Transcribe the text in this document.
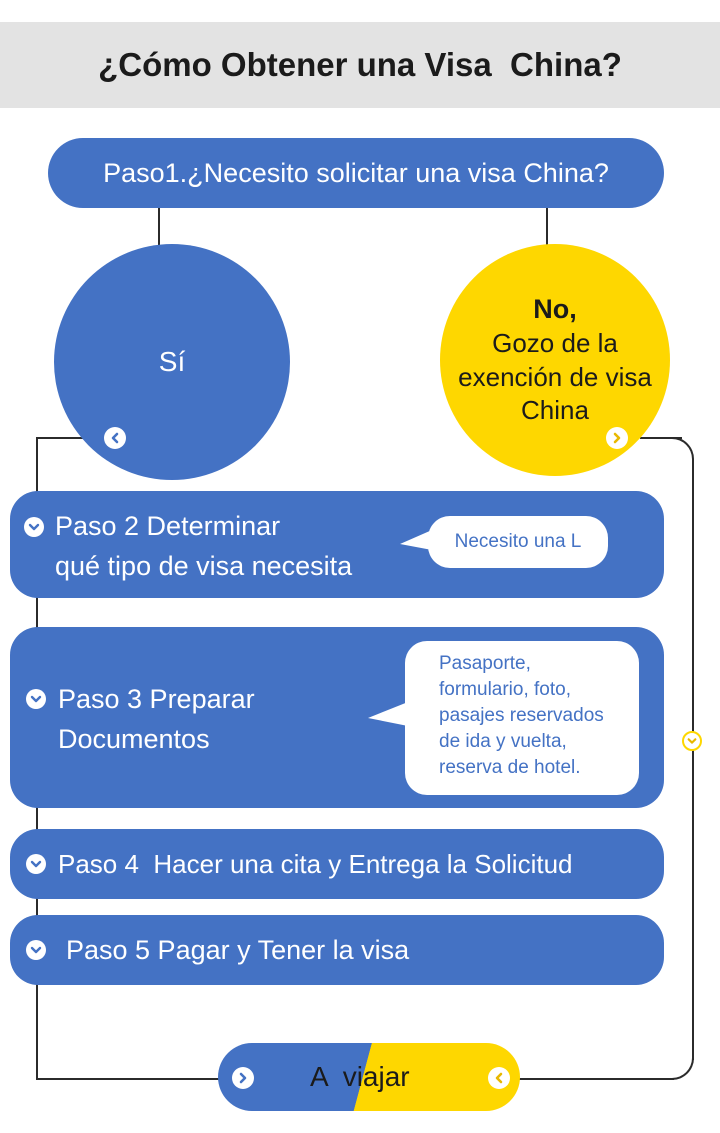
¿Cómo Obtener una Visa  China?
Paso1.¿Necesito solicitar una visa China?
Sí
No,
Gozo de la
exención de visa
China
Paso 2 Determinar
qué tipo de visa necesita
Necesito una L
Paso 3 Preparar
Documentos
Pasaporte,
formulario, foto,
pasajes reservados
de ida y vuelta,
reserva de hotel.
Paso 4  Hacer una cita y Entrega la Solicitud
Paso 5 Pagar y Tener la visa
A  viajar
